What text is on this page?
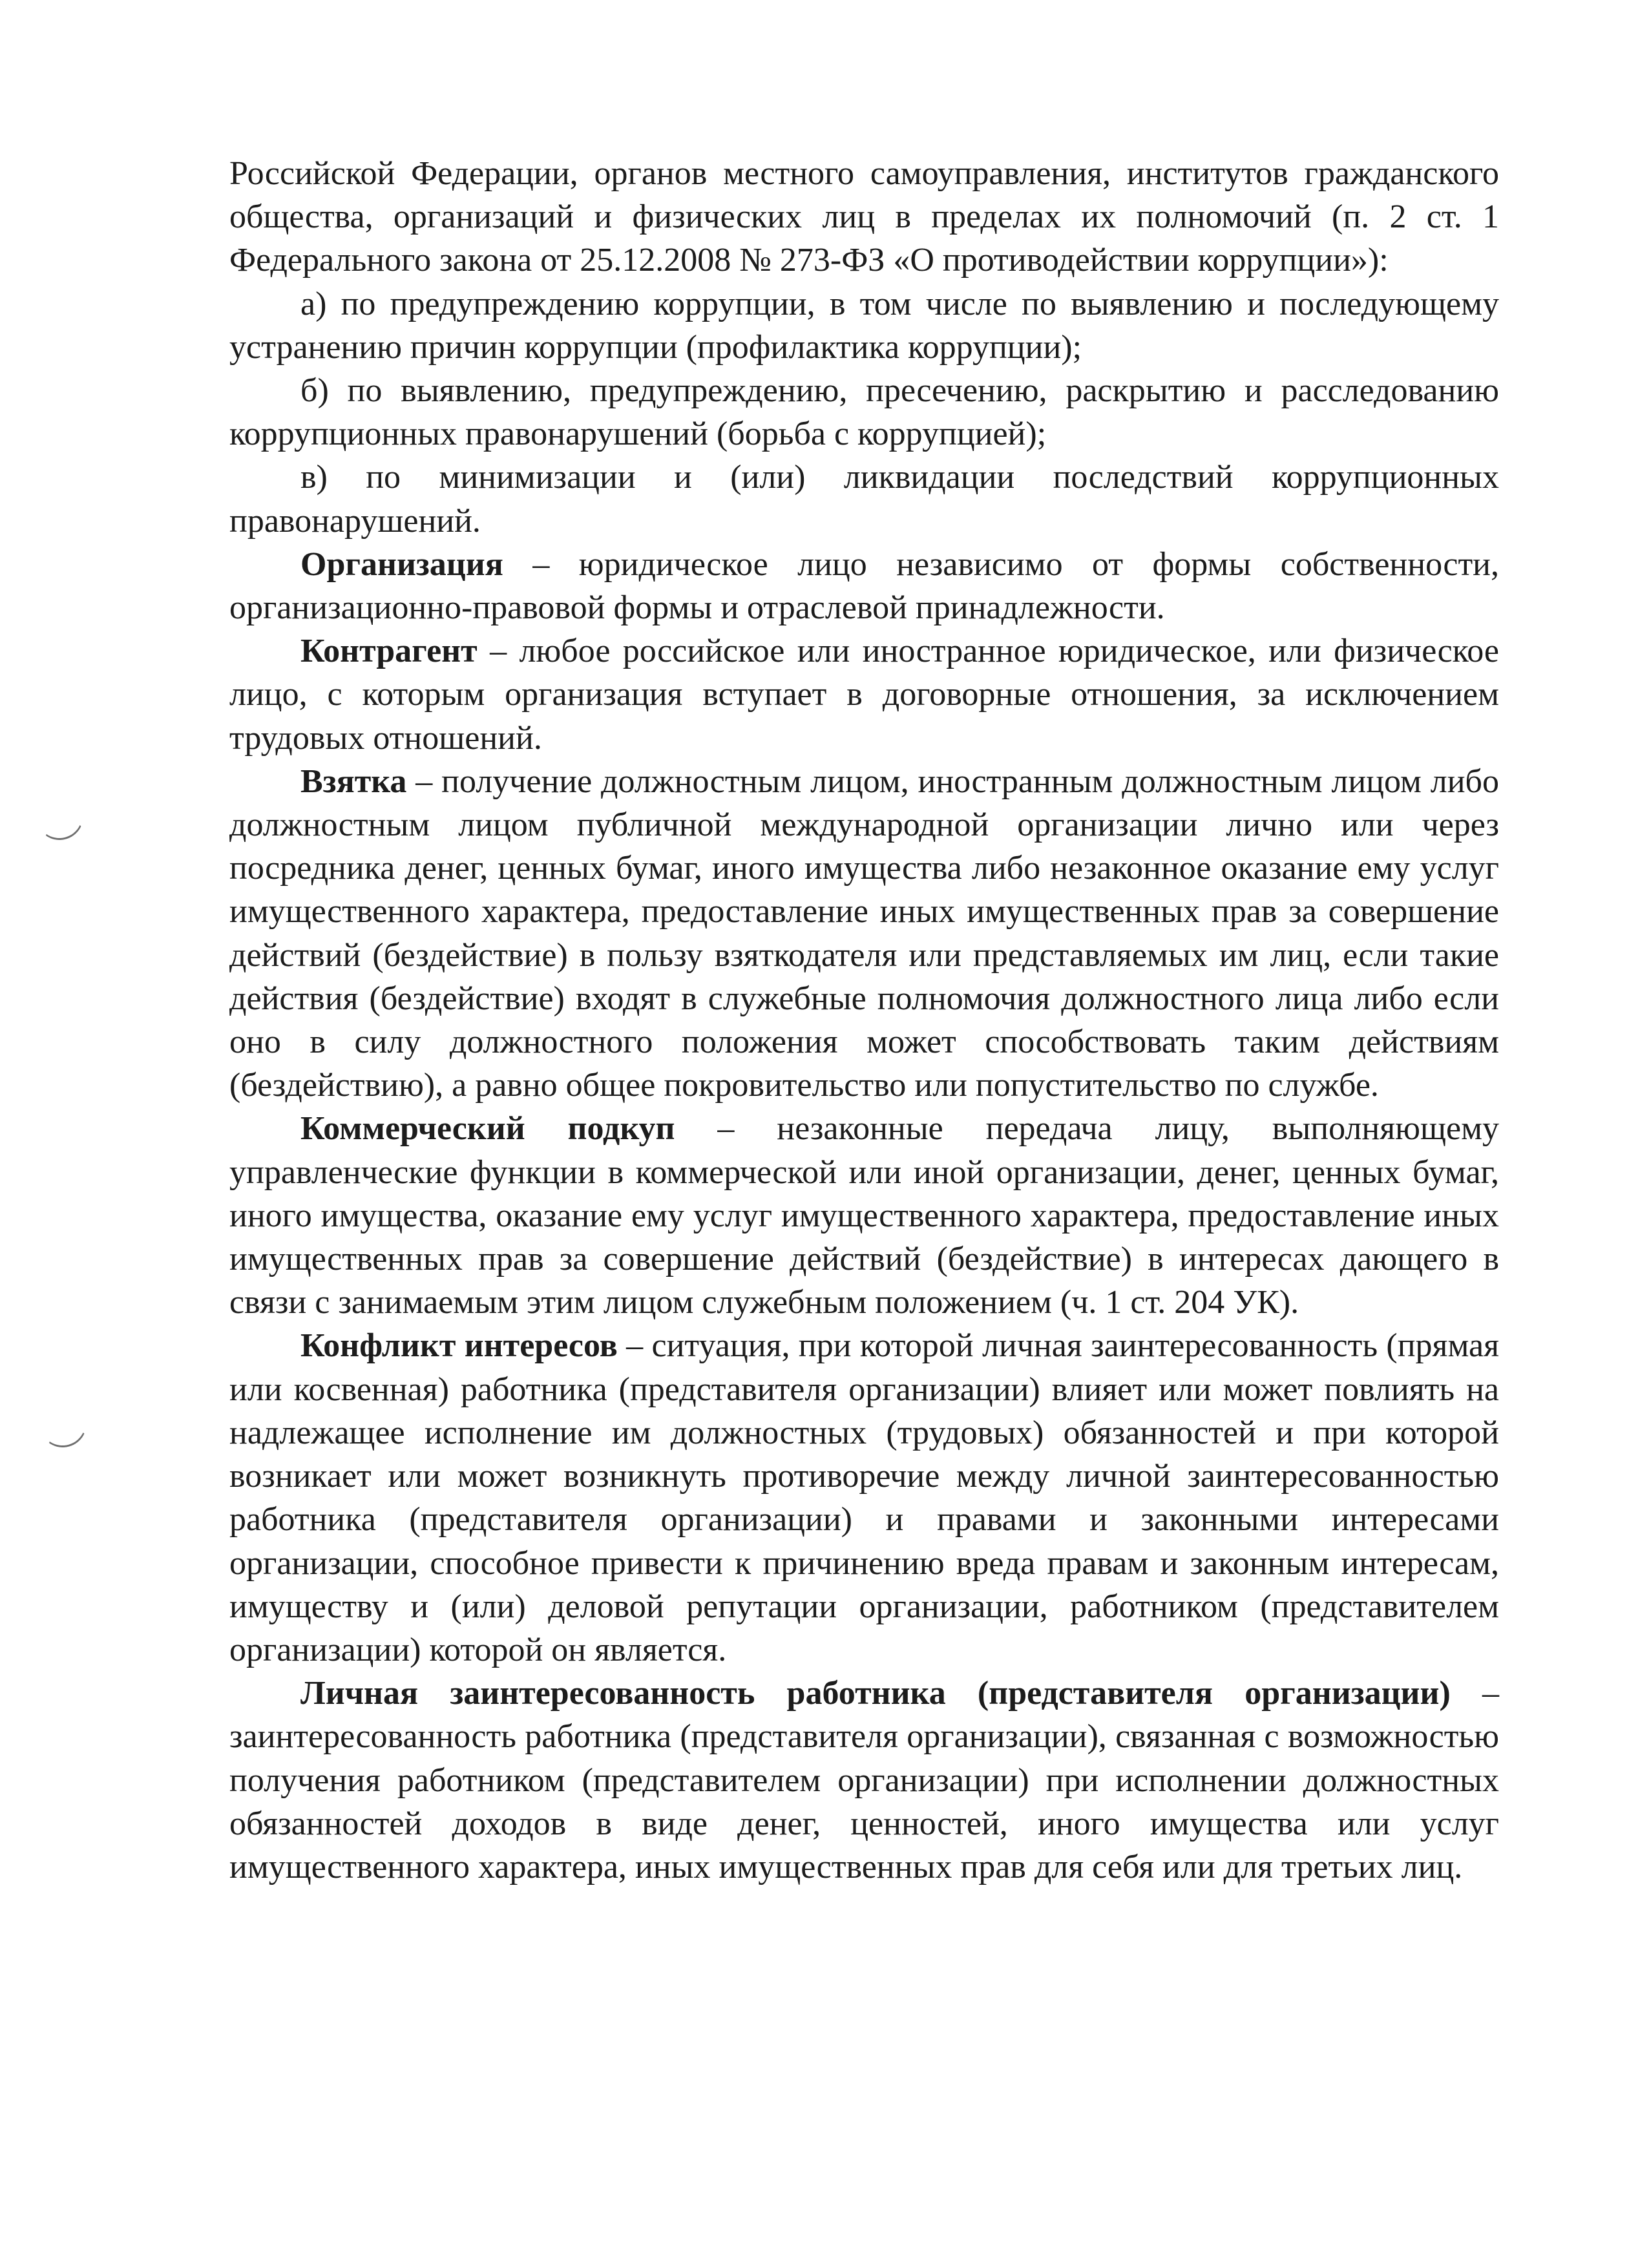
Российской Федерации, органов местного самоуправления, институтов гражданского общества, организаций и физических лиц в пределах их полномочий (п. 2 ст. 1 Федерального закона от 25.12.2008 № 273-ФЗ «О противодействии коррупции»):

а) по предупреждению коррупции, в том числе по выявлению и последующему устранению причин коррупции (профилактика коррупции);

б) по выявлению, предупреждению, пресечению, раскрытию и расследованию коррупционных правонарушений (борьба с коррупцией);

в) по минимизации и (или) ликвидации последствий коррупционных правонарушений.

Организация – юридическое лицо независимо от формы собственности, организационно-правовой формы и отраслевой принадлежности.

Контрагент – любое российское или иностранное юридическое, или физическое лицо, с которым организация вступает в договорные отношения, за исключением трудовых отношений.

Взятка – получение должностным лицом, иностранным должностным лицом либо должностным лицом публичной международной организации лично или через посредника денег, ценных бумаг, иного имущества либо незаконное оказание ему услуг имущественного характера, предоставление иных имущественных прав за совершение действий (бездействие) в пользу взяткодателя или представляемых им лиц, если такие действия (бездействие) входят в служебные полномочия должностного лица либо если оно в силу должностного положения может способствовать таким действиям (бездействию), а равно общее покровительство или попустительство по службе.

Коммерческий подкуп – незаконные передача лицу, выполняющему управленческие функции в коммерческой или иной организации, денег, ценных бумаг, иного имущества, оказание ему услуг имущественного характера, предоставление иных имущественных прав за совершение действий (бездействие) в интересах дающего в связи с занимаемым этим лицом служебным положением (ч. 1 ст. 204 УК).

Конфликт интересов – ситуация, при которой личная заинтересованность (прямая или косвенная) работника (представителя организации) влияет или может повлиять на надлежащее исполнение им должностных (трудовых) обязанностей и при которой возникает или может возникнуть противоречие между личной заинтересованностью работника (представителя организации) и правами и законными интересами организации, способное привести к причинению вреда правам и законным интересам, имуществу и (или) деловой репутации организации, работником (представителем организации) которой он является.

Личная заинтересованность работника (представителя организации) – заинтересованность работника (представителя организации), связанная с возможностью получения работником (представителем организации) при исполнении должностных обязанностей доходов в виде денег, ценностей, иного имущества или услуг имущественного характера, иных имущественных прав для себя или для третьих лиц.
